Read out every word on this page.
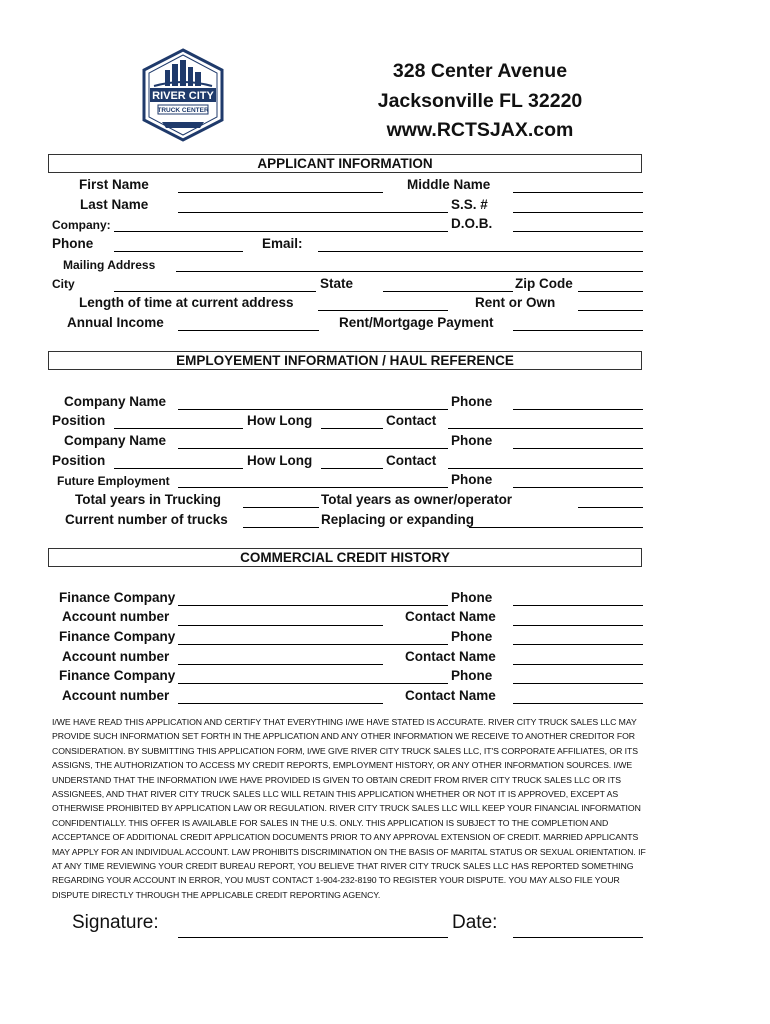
RIVER CITY
TRUCK CENTER
328 Center Avenue
Jacksonville FL 32220
www.RCTSJAX.com
APPLICANT INFORMATION
First Name	Middle Name
Last Name	S.S. #
Company:	D.O.B.
Phone	Email:
Mailing Address
City	State	Zip Code
Length of time at current address	Rent or Own
Annual Income	Rent/Mortgage Payment
EMPLOYEMENT INFORMATION / HAUL REFERENCE
Company Name	Phone
Position	How Long	Contact
Company Name	Phone
Position	How Long	Contact
Future Employment	Phone
Total years in Trucking	Total years as owner/operator
Current number of trucks	Replacing or expanding
COMMERCIAL CREDIT HISTORY
Finance Company	Phone
Account number	Contact Name
Finance Company	Phone
Account number	Contact Name
Finance Company	Phone
Account number	Contact Name
I/WE HAVE READ THIS APPLICATION AND CERTIFY THAT EVERYTHING I/WE HAVE STATED IS ACCURATE. RIVER CITY TRUCK SALES LLC MAY PROVIDE SUCH INFORMATION SET FORTH IN THE APPLICATION AND ANY OTHER INFORMATION WE RECEIVE TO ANOTHER CREDITOR FOR CONSIDERATION. BY SUBMITTING THIS APPLICATION FORM, I/WE GIVE RIVER CITY TRUCK SALES LLC, IT'S CORPORATE AFFILIATES, OR ITS ASSIGNS, THE AUTHORIZATION TO ACCESS MY CREDIT REPORTS, EMPLOYMENT HISTORY, OR ANY OTHER INFORMATION SOURCES. I/WE UNDERSTAND THAT THE INFORMATION I/WE HAVE PROVIDED IS GIVEN TO OBTAIN CREDIT FROM RIVER CITY TRUCK SALES LLC OR ITS ASSIGNEES, AND THAT RIVER CITY TRUCK SALES LLC WILL RETAIN THIS APPLICATION WHETHER OR NOT IT IS APPROVED, EXCEPT AS OTHERWISE PROHIBITED BY APPLICATION LAW OR REGULATION. RIVER CITY TRUCK SALES LLC WILL KEEP YOUR FINANCIAL INFORMATION CONFIDENTIALLY. THIS OFFER IS AVAILABLE FOR SALES IN THE U.S. ONLY. THIS APPLICATION IS SUBJECT TO THE COMPLETION AND ACCEPTANCE OF ADDITIONAL CREDIT APPLICATION DOCUMENTS PRIOR TO ANY APPROVAL EXTENSION OF CREDIT. MARRIED APPLICANTS MAY APPLY FOR AN INDIVIDUAL ACCOUNT. LAW PROHIBITS DISCRIMINATION ON THE BASIS OF MARITAL STATUS OR SEXUAL ORIENTATION. IF AT ANY TIME REVIEWING YOUR CREDIT BUREAU REPORT, YOU BELIEVE THAT RIVER CITY TRUCK SALES LLC HAS REPORTED SOMETHING REGARDING YOUR ACCOUNT IN ERROR, YOU MUST CONTACT 1-904-232-8190 TO REGISTER YOUR DISPUTE. YOU MAY ALSO FILE YOUR DISPUTE DIRECTLY THROUGH THE APPLICABLE CREDIT REPORTING AGENCY.
Signature:	Date:
